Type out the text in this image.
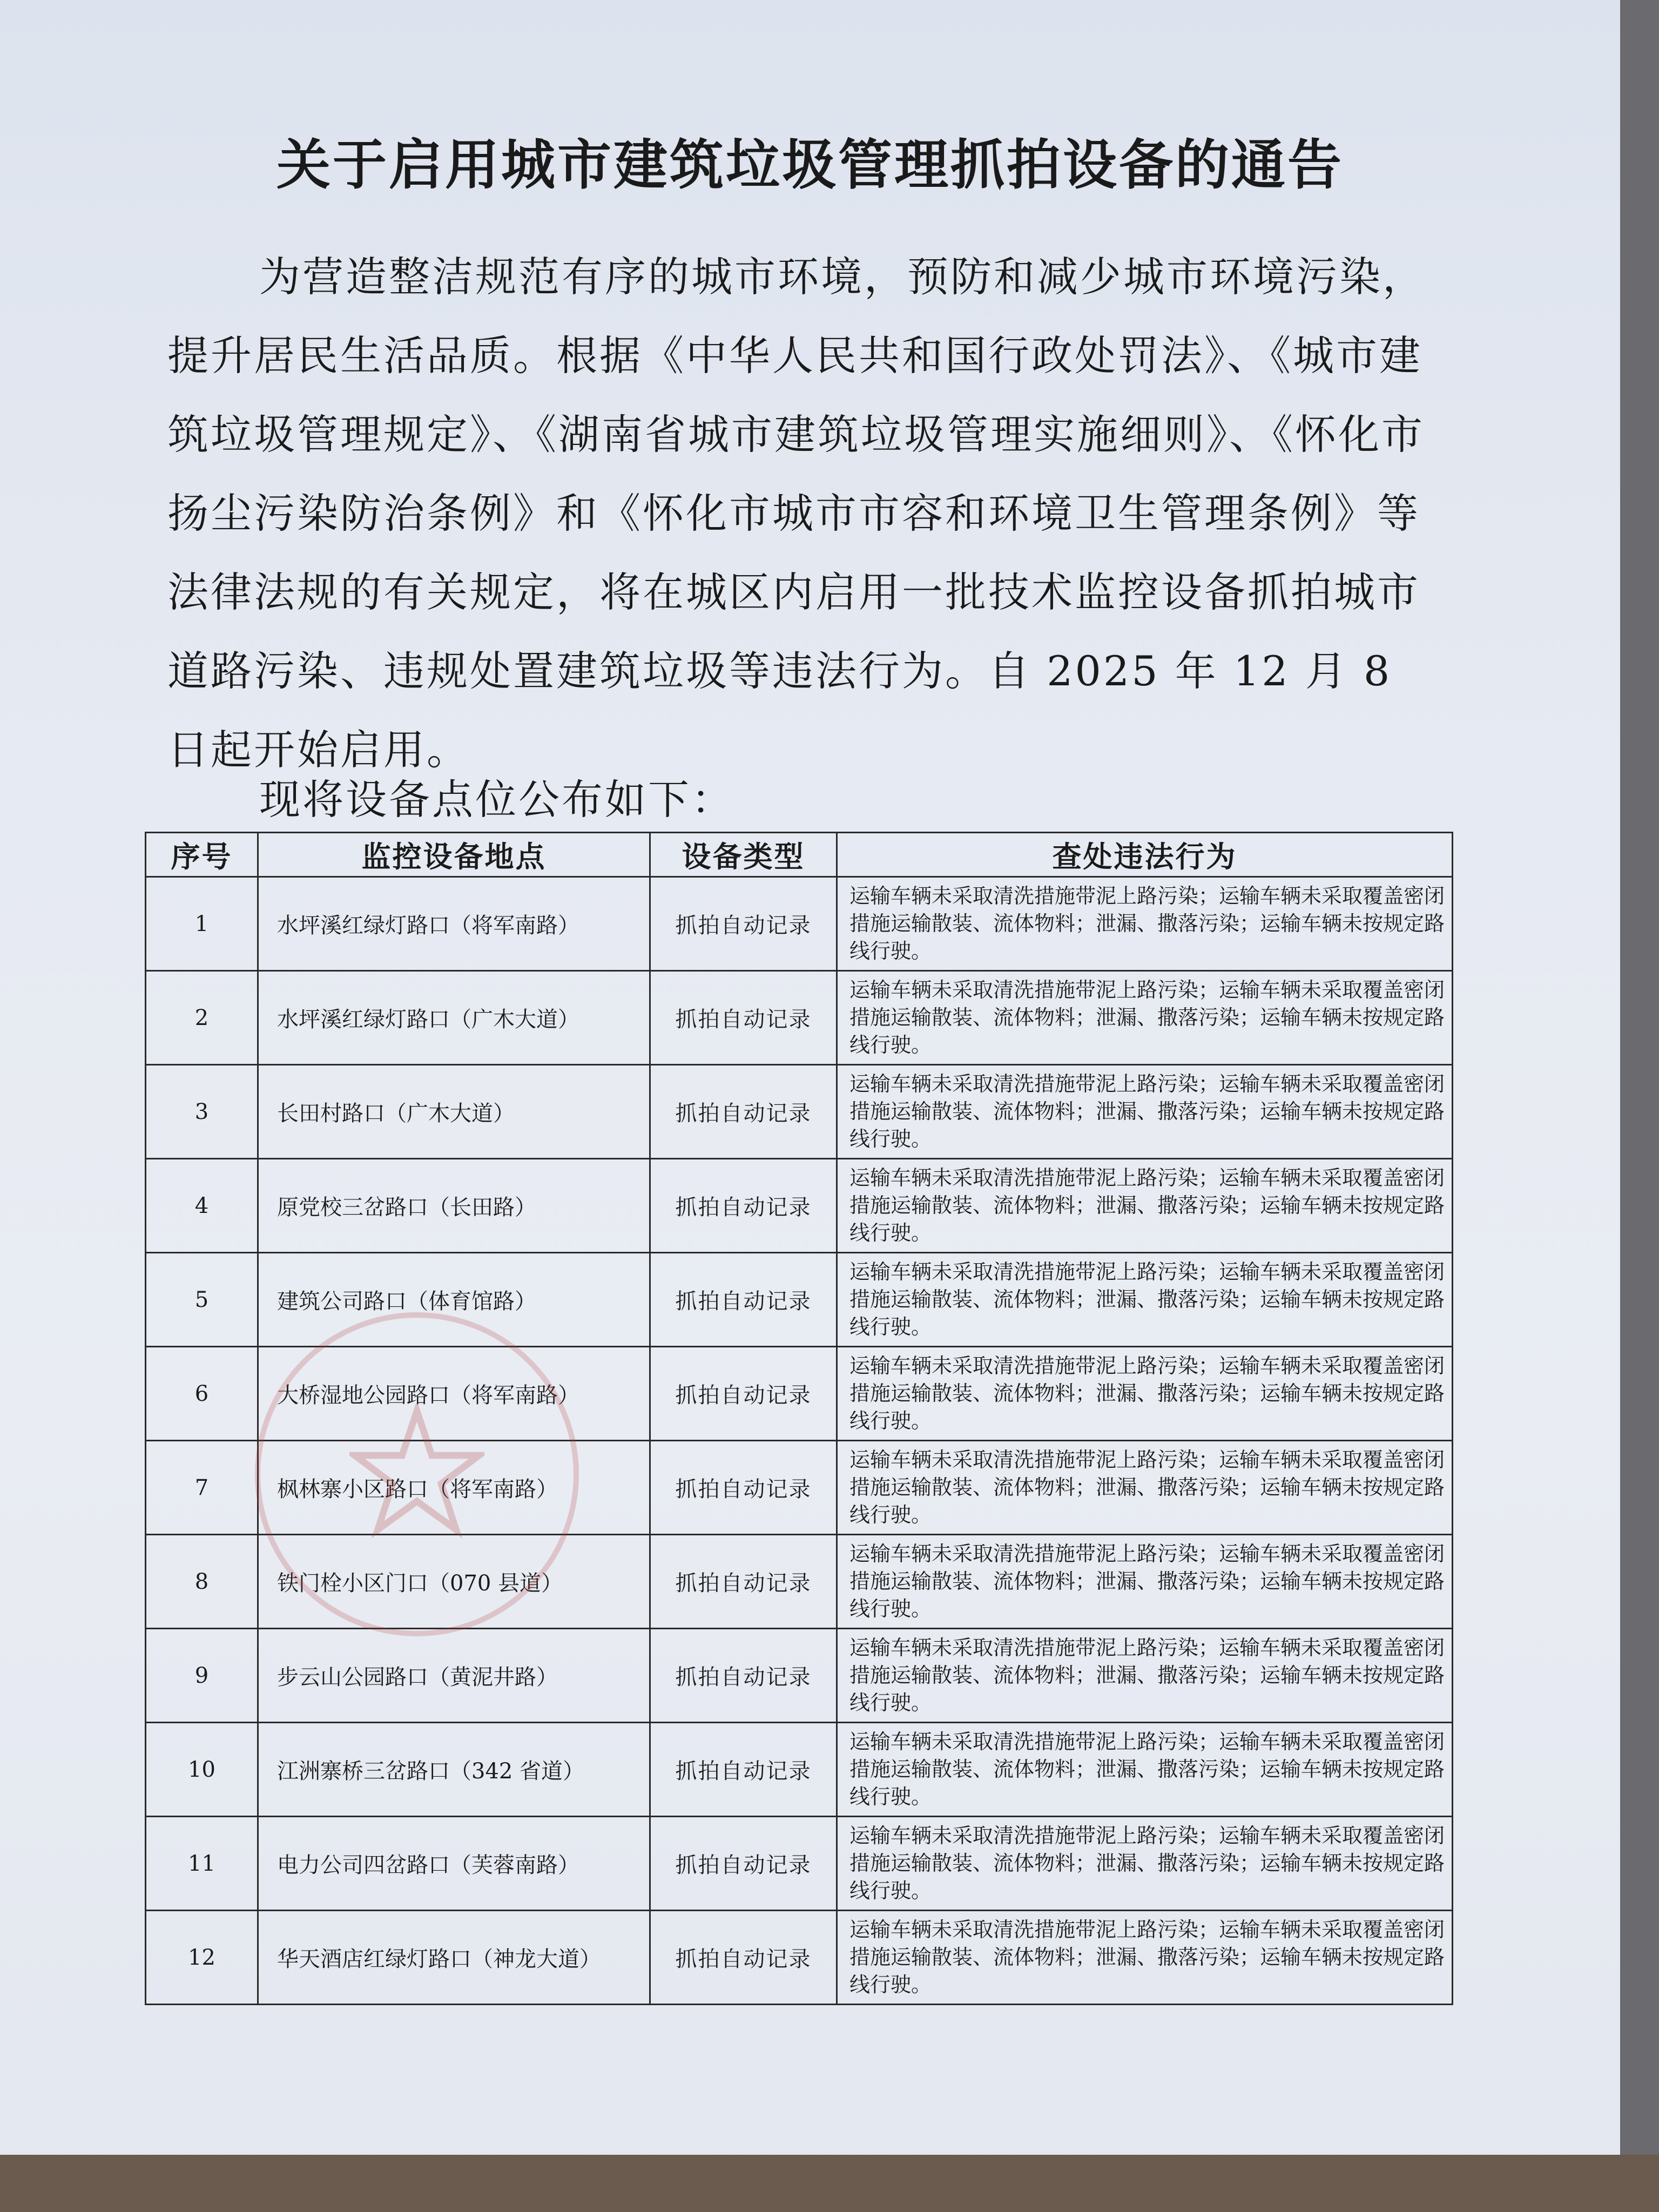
关于启用城市建筑垃圾管理抓拍设备的通告

为营造整洁规范有序的城市环境，预防和减少城市环境污染，提升居民生活品质。根据《中华人民共和国行政处罚法》、《城市建筑垃圾管理规定》、《湖南省城市建筑垃圾管理实施细则》、《怀化市扬尘污染防治条例》和《怀化市城市市容和环境卫生管理条例》等法律法规的有关规定，将在城区内启用一批技术监控设备抓拍城市道路污染、违规处置建筑垃圾等违法行为。自 2025 年 12 月 8 日起开始启用。

现将设备点位公布如下：
序号	监控设备地点	设备类型	查处违法行为
1	水坪溪红绿灯路口（将军南路）	抓拍自动记录	运输车辆未采取清洗措施带泥上路污染；运输车辆未采取覆盖密闭措施运输散装、流体物料；泄漏、撒落污染；运输车辆未按规定路线行驶。
2	水坪溪红绿灯路口（广木大道）	抓拍自动记录	运输车辆未采取清洗措施带泥上路污染；运输车辆未采取覆盖密闭措施运输散装、流体物料；泄漏、撒落污染；运输车辆未按规定路线行驶。
3	长田村路口（广木大道）	抓拍自动记录	运输车辆未采取清洗措施带泥上路污染；运输车辆未采取覆盖密闭措施运输散装、流体物料；泄漏、撒落污染；运输车辆未按规定路线行驶。
4	原党校三岔路口（长田路）	抓拍自动记录	运输车辆未采取清洗措施带泥上路污染；运输车辆未采取覆盖密闭措施运输散装、流体物料；泄漏、撒落污染；运输车辆未按规定路线行驶。
5	建筑公司路口（体育馆路）	抓拍自动记录	运输车辆未采取清洗措施带泥上路污染；运输车辆未采取覆盖密闭措施运输散装、流体物料；泄漏、撒落污染；运输车辆未按规定路线行驶。
6	大桥湿地公园路口（将军南路）	抓拍自动记录	运输车辆未采取清洗措施带泥上路污染；运输车辆未采取覆盖密闭措施运输散装、流体物料；泄漏、撒落污染；运输车辆未按规定路线行驶。
7	枫林寨小区路口（将军南路）	抓拍自动记录	运输车辆未采取清洗措施带泥上路污染；运输车辆未采取覆盖密闭措施运输散装、流体物料；泄漏、撒落污染；运输车辆未按规定路线行驶。
8	铁门栓小区门口（070 县道）	抓拍自动记录	运输车辆未采取清洗措施带泥上路污染；运输车辆未采取覆盖密闭措施运输散装、流体物料；泄漏、撒落污染；运输车辆未按规定路线行驶。
9	步云山公园路口（黄泥井路）	抓拍自动记录	运输车辆未采取清洗措施带泥上路污染；运输车辆未采取覆盖密闭措施运输散装、流体物料；泄漏、撒落污染；运输车辆未按规定路线行驶。
10	江洲寨桥三岔路口（342 省道）	抓拍自动记录	运输车辆未采取清洗措施带泥上路污染；运输车辆未采取覆盖密闭措施运输散装、流体物料；泄漏、撒落污染；运输车辆未按规定路线行驶。
11	电力公司四岔路口（芙蓉南路）	抓拍自动记录	运输车辆未采取清洗措施带泥上路污染；运输车辆未采取覆盖密闭措施运输散装、流体物料；泄漏、撒落污染；运输车辆未按规定路线行驶。
12	华天酒店红绿灯路口（神龙大道）	抓拍自动记录	运输车辆未采取清洗措施带泥上路污染；运输车辆未采取覆盖密闭措施运输散装、流体物料；泄漏、撒落污染；运输车辆未按规定路线行驶。
